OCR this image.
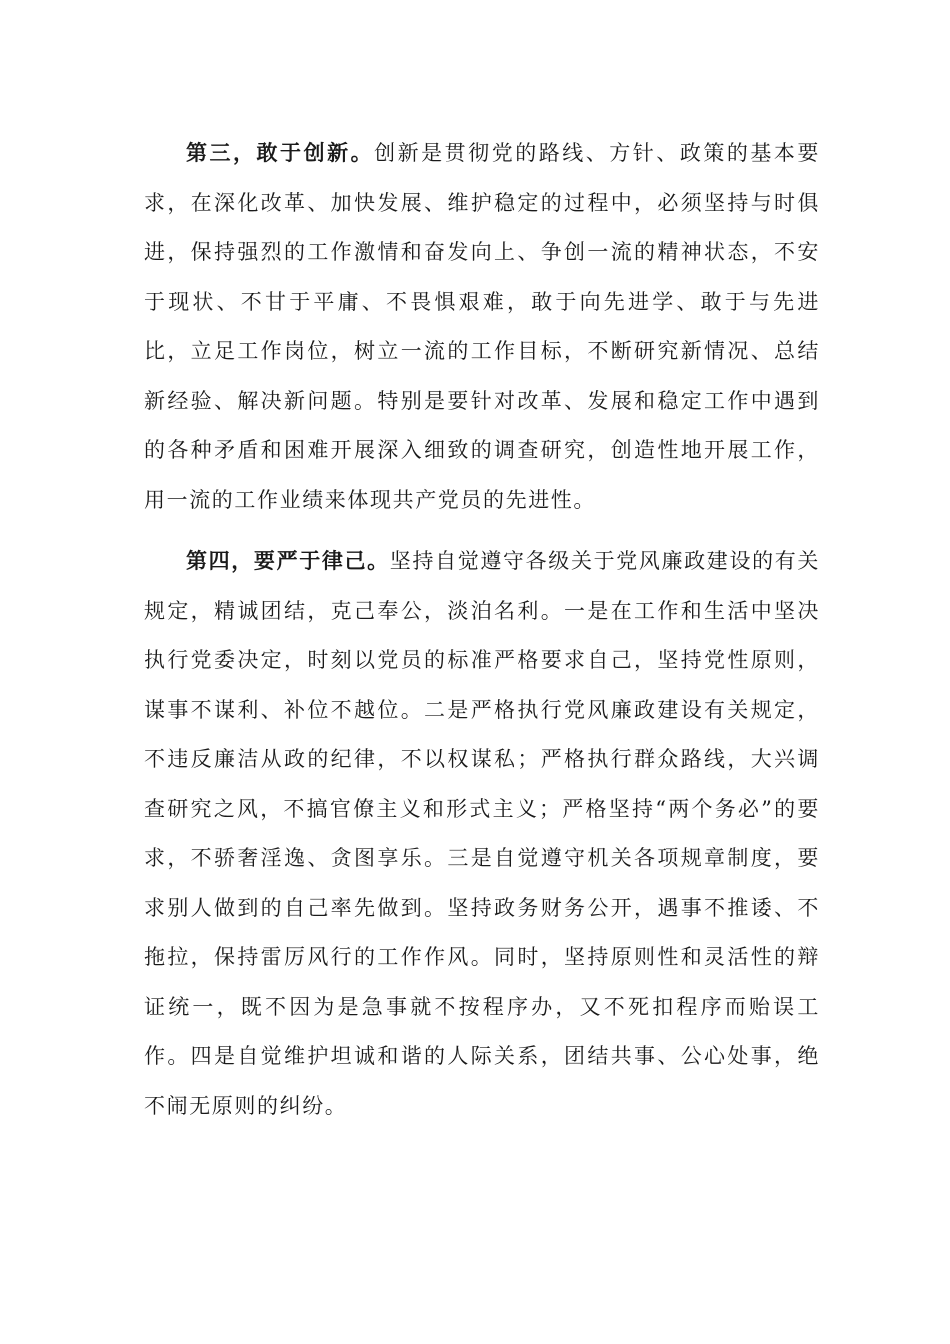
第三，敢于创新。创新是贯彻党的路线、方针、政策的基本要求，在深化改革、加快发展、维护稳定的过程中，必须坚持与时俱进，保持强烈的工作激情和奋发向上、争创一流的精神状态，不安于现状、不甘于平庸、不畏惧艰难，敢于向先进学、敢于与先进比，立足工作岗位，树立一流的工作目标，不断研究新情况、总结新经验、解决新问题。特别是要针对改革、发展和稳定工作中遇到的各种矛盾和困难开展深入细致的调查研究，创造性地开展工作，用一流的工作业绩来体现共产党员的先进性。

第四，要严于律己。坚持自觉遵守各级关于党风廉政建设的有关规定，精诚团结，克己奉公，淡泊名利。一是在工作和生活中坚决执行党委决定，时刻以党员的标准严格要求自己，坚持党性原则，谋事不谋利、补位不越位。二是严格执行党风廉政建设有关规定，不违反廉洁从政的纪律，不以权谋私；严格执行群众路线，大兴调查研究之风，不搞官僚主义和形式主义；严格坚持“两个务必”的要求，不骄奢淫逸、贪图享乐。三是自觉遵守机关各项规章制度，要求别人做到的自己率先做到。坚持政务财务公开，遇事不推诿、不拖拉，保持雷厉风行的工作作风。同时，坚持原则性和灵活性的辩证统一，既不因为是急事就不按程序办，又不死扣程序而贻误工作。四是自觉维护坦诚和谐的人际关系，团结共事、公心处事，绝不闹无原则的纠纷。
